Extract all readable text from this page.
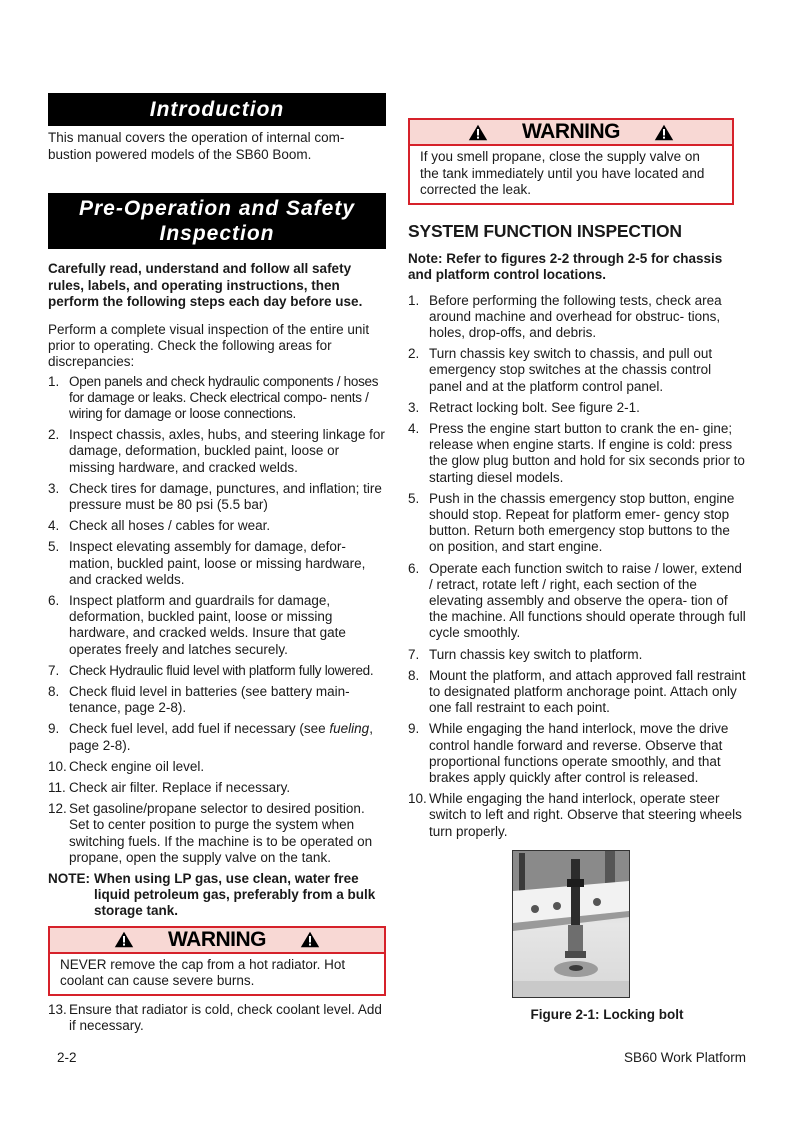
Introduction

This manual covers the operation of internal com- bustion powered models of the SB60 Boom.

Pre-Operation and Safety
Inspection

Carefully read, understand and follow all safety rules, labels, and operating instructions, then perform the following steps each day before use.

Perform a complete visual inspection of the entire unit prior to operating. Check the following areas for discrepancies:

1. Open panels and check hydraulic components / hoses for damage or leaks. Check electrical compo- nents / wiring for damage or loose connections.
2. Inspect chassis, axles, hubs, and steering linkage for damage, deformation, buckled paint, loose or missing hardware, and cracked welds.
3. Check tires for damage, punctures, and inflation; tire pressure must be 80 psi (5.5 bar)
4. Check all hoses / cables for wear.
5. Inspect elevating assembly for damage, defor- mation, buckled paint, loose or missing hardware, and cracked welds.
6. Inspect platform and guardrails for damage, deformation, buckled paint, loose or missing hardware, and cracked welds. Insure that gate operates freely and latches securely.
7. Check Hydraulic fluid level with platform fully lowered.
8. Check fluid level in batteries (see battery main- tenance, page 2-8).
9. Check fuel level, add fuel if necessary (see fueling, page 2-8).
10. Check engine oil level.
11. Check air filter. Replace if necessary.
12. Set gasoline/propane selector to desired position. Set to center position to purge the system when switching fuels. If the machine is to be operated on propane, open the supply valve on the tank.
NOTE: When using LP gas, use clean, water free liquid petroleum gas, preferably from a bulk storage tank.
WARNING
NEVER remove the cap from a hot radiator. Hot coolant can cause severe burns.
13. Ensure that radiator is cold, check coolant level. Add if necessary.
WARNING
If you smell propane, close the supply valve on the tank immediately until you have located and corrected the leak.
SYSTEM FUNCTION INSPECTION

Note: Refer to figures 2-2 through 2-5 for chassis and platform control locations.

1. Before performing the following tests, check area around machine and overhead for obstruc- tions, holes, drop-offs, and debris.
2. Turn chassis key switch to chassis, and pull out emergency stop switches at the chassis control panel and at the platform control panel.
3. Retract locking bolt. See figure 2-1.
4. Press the engine start button to crank the en- gine; release when engine starts. If engine is cold: press the glow plug button and hold for six seconds prior to starting diesel models.
5. Push in the chassis emergency stop button, engine should stop. Repeat for platform emer- gency stop button. Return both emergency stop buttons to the on position, and start engine.
6. Operate each function switch to raise / lower, extend / retract, rotate left / right, each section of the elevating assembly and observe the opera- tion of the machine. All functions should operate through full cycle smoothly.
7. Turn chassis key switch to platform.
8. Mount the platform, and attach approved fall restraint to designated platform anchorage point. Attach only one fall restraint to each point.
9. While engaging the hand interlock, move the drive control handle forward and reverse. Observe that proportional functions operate smoothly, and that brakes apply quickly after control is released.
10. While engaging the hand interlock, operate steer switch to left and right. Observe that steering wheels turn properly.
Figure 2-1: Locking bolt
2-2	SB60 Work Platform
